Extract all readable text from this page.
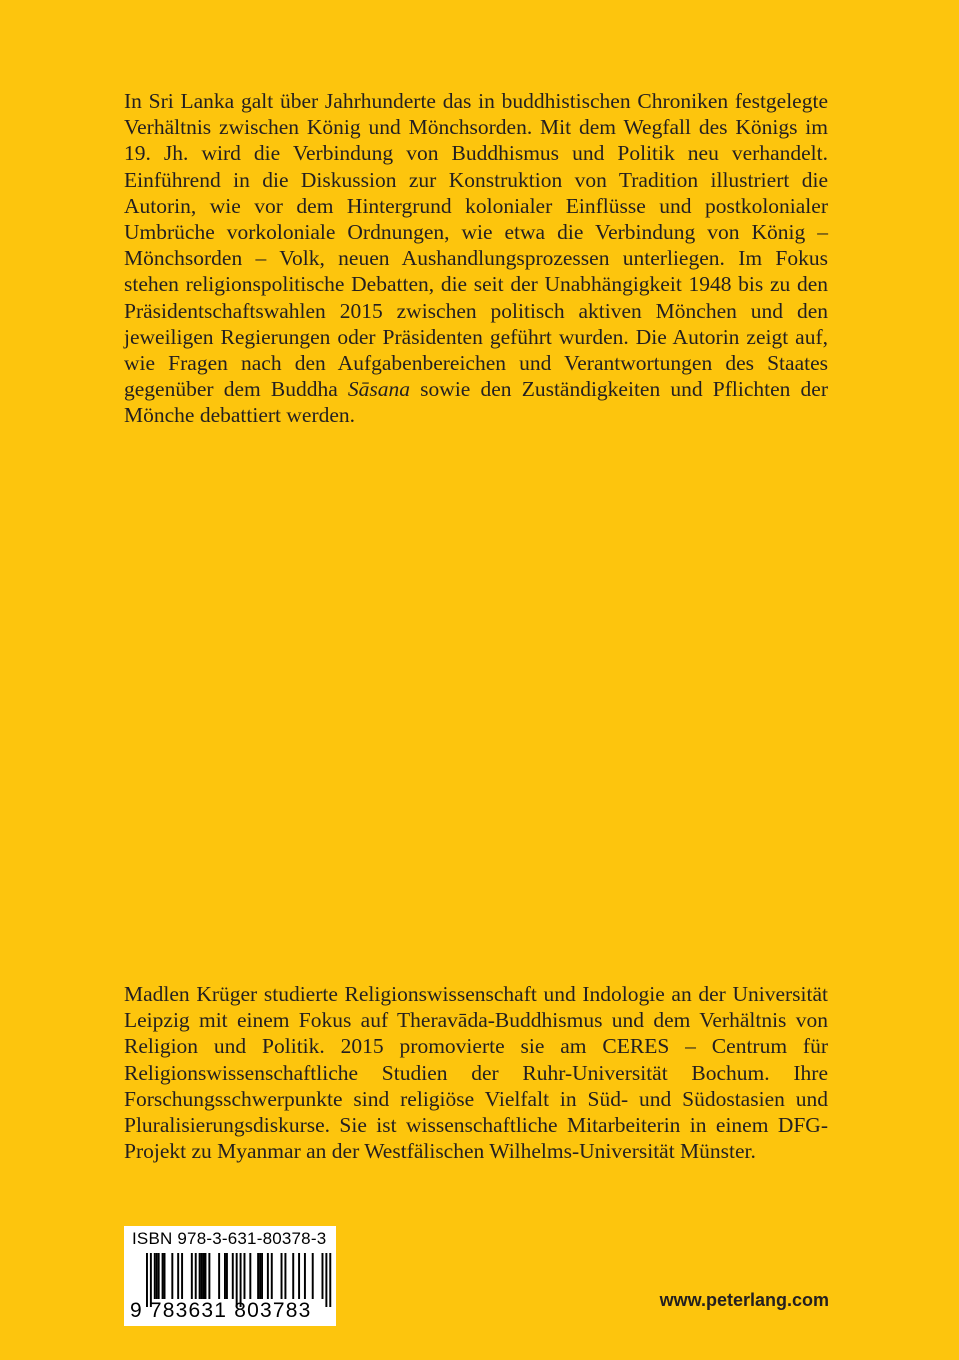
In Sri Lanka galt über Jahrhunderte das in buddhistischen Chroniken festgelegte Verhältnis zwischen König und Mönchsorden. Mit dem Wegfall des Königs im 19. Jh. wird die Verbindung von Buddhismus und Politik neu verhandelt. Einführend in die Diskussion zur Konstruktion von Tradition illustriert die Autorin, wie vor dem Hintergrund kolonialer Einflüsse und postkolonialer Umbrüche vorkoloniale Ordnungen, wie etwa die Verbindung von König – Mönchsorden – Volk, neuen Aushandlungsprozessen unterliegen. Im Fokus stehen religionspolitische Debatten, die seit der Unabhängigkeit 1948 bis zu den Präsidentschaftswahlen 2015 zwischen politisch aktiven Mönchen und den jeweiligen Regierungen oder Präsidenten geführt wurden. Die Autorin zeigt auf, wie Fragen nach den Aufgabenbereichen und Verantwortungen des Staates gegenüber dem Buddha Sāsana sowie den Zuständigkeiten und Pflichten der Mönche debattiert werden.

Madlen Krüger studierte Religionswissenschaft und Indologie an der Universität Leipzig mit einem Fokus auf Theravāda-Buddhismus und dem Verhältnis von Religion und Politik. 2015 promovierte sie am CERES – Centrum für Religionswissenschaftliche Studien der Ruhr-Universität Bochum. Ihre Forschungsschwerpunkte sind religiöse Vielfalt in Süd- und Südostasien und Pluralisierungsdiskurse. Sie ist wissenschaftliche Mitarbeiterin in einem DFG-Projekt zu Myanmar an der Westfälischen Wilhelms-Universität Münster.

ISBN 978-3-631-80378-3
9 783631 803783	www.peterlang.com
